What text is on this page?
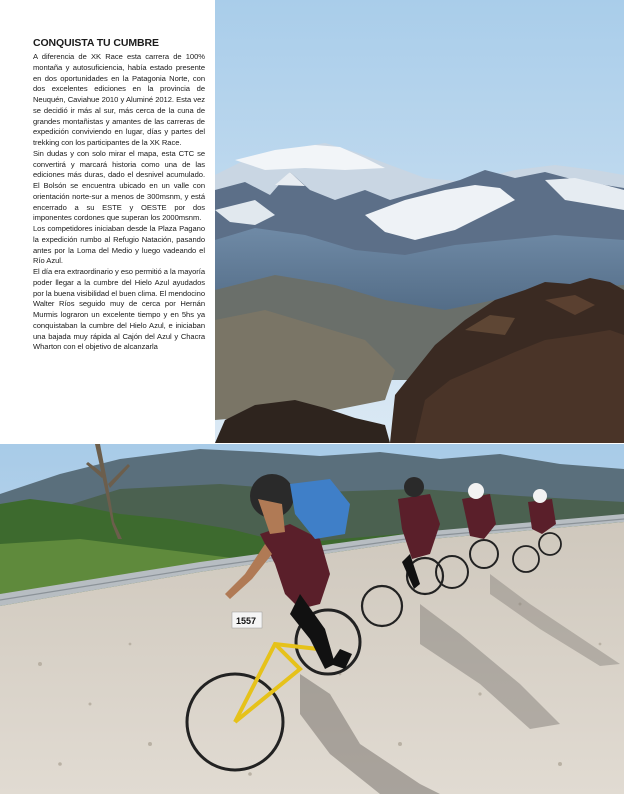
CONQUISTA TU CUMBRE

A diferencia de XK Race esta carrera de 100% montaña y autosuficiencia, había estado presente en dos oportunidades en la Patagonia Norte, con dos excelentes ediciones en la provincia de Neuquén, Caviahue 2010 y Aluminé 2012. Esta vez se decidió ir más al sur, más cerca de la cuna de grandes montañistas y amantes de las carreras de expedición conviviendo en lugar, días y partes del trekking con los participantes de la XK Race.

Sin dudas y con solo mirar el mapa, esta CTC se convertirá y marcará historia como una de las ediciones más duras, dado el desnivel acumulado. El Bolsón se encuentra ubicado en un valle con orientación norte-sur a menos de 300msnm, y está encerrado a su ESTE y OESTE por dos imponentes cordones que superan los 2000msnm.

Los competidores iniciaban desde la Plaza Pagano la expedición rumbo al Refugio Natación, pasando antes por la Loma del Medio y luego vadeando el Río Azul.

El día era extraordinario y eso permitió a la mayoría poder llegar a la cumbre del Hielo Azul ayudados por la buena visibilidad el buen clima. El mendocino Walter Ríos seguido muy de cerca por Hernán Murmis lograron un excelente tiempo y en 5hs ya conquistaban la cumbre del Hielo Azul, e iniciaban una bajada muy rápida al Cajón del Azul y Chacra Wharton con el objetivo de alcanzarla

1557
